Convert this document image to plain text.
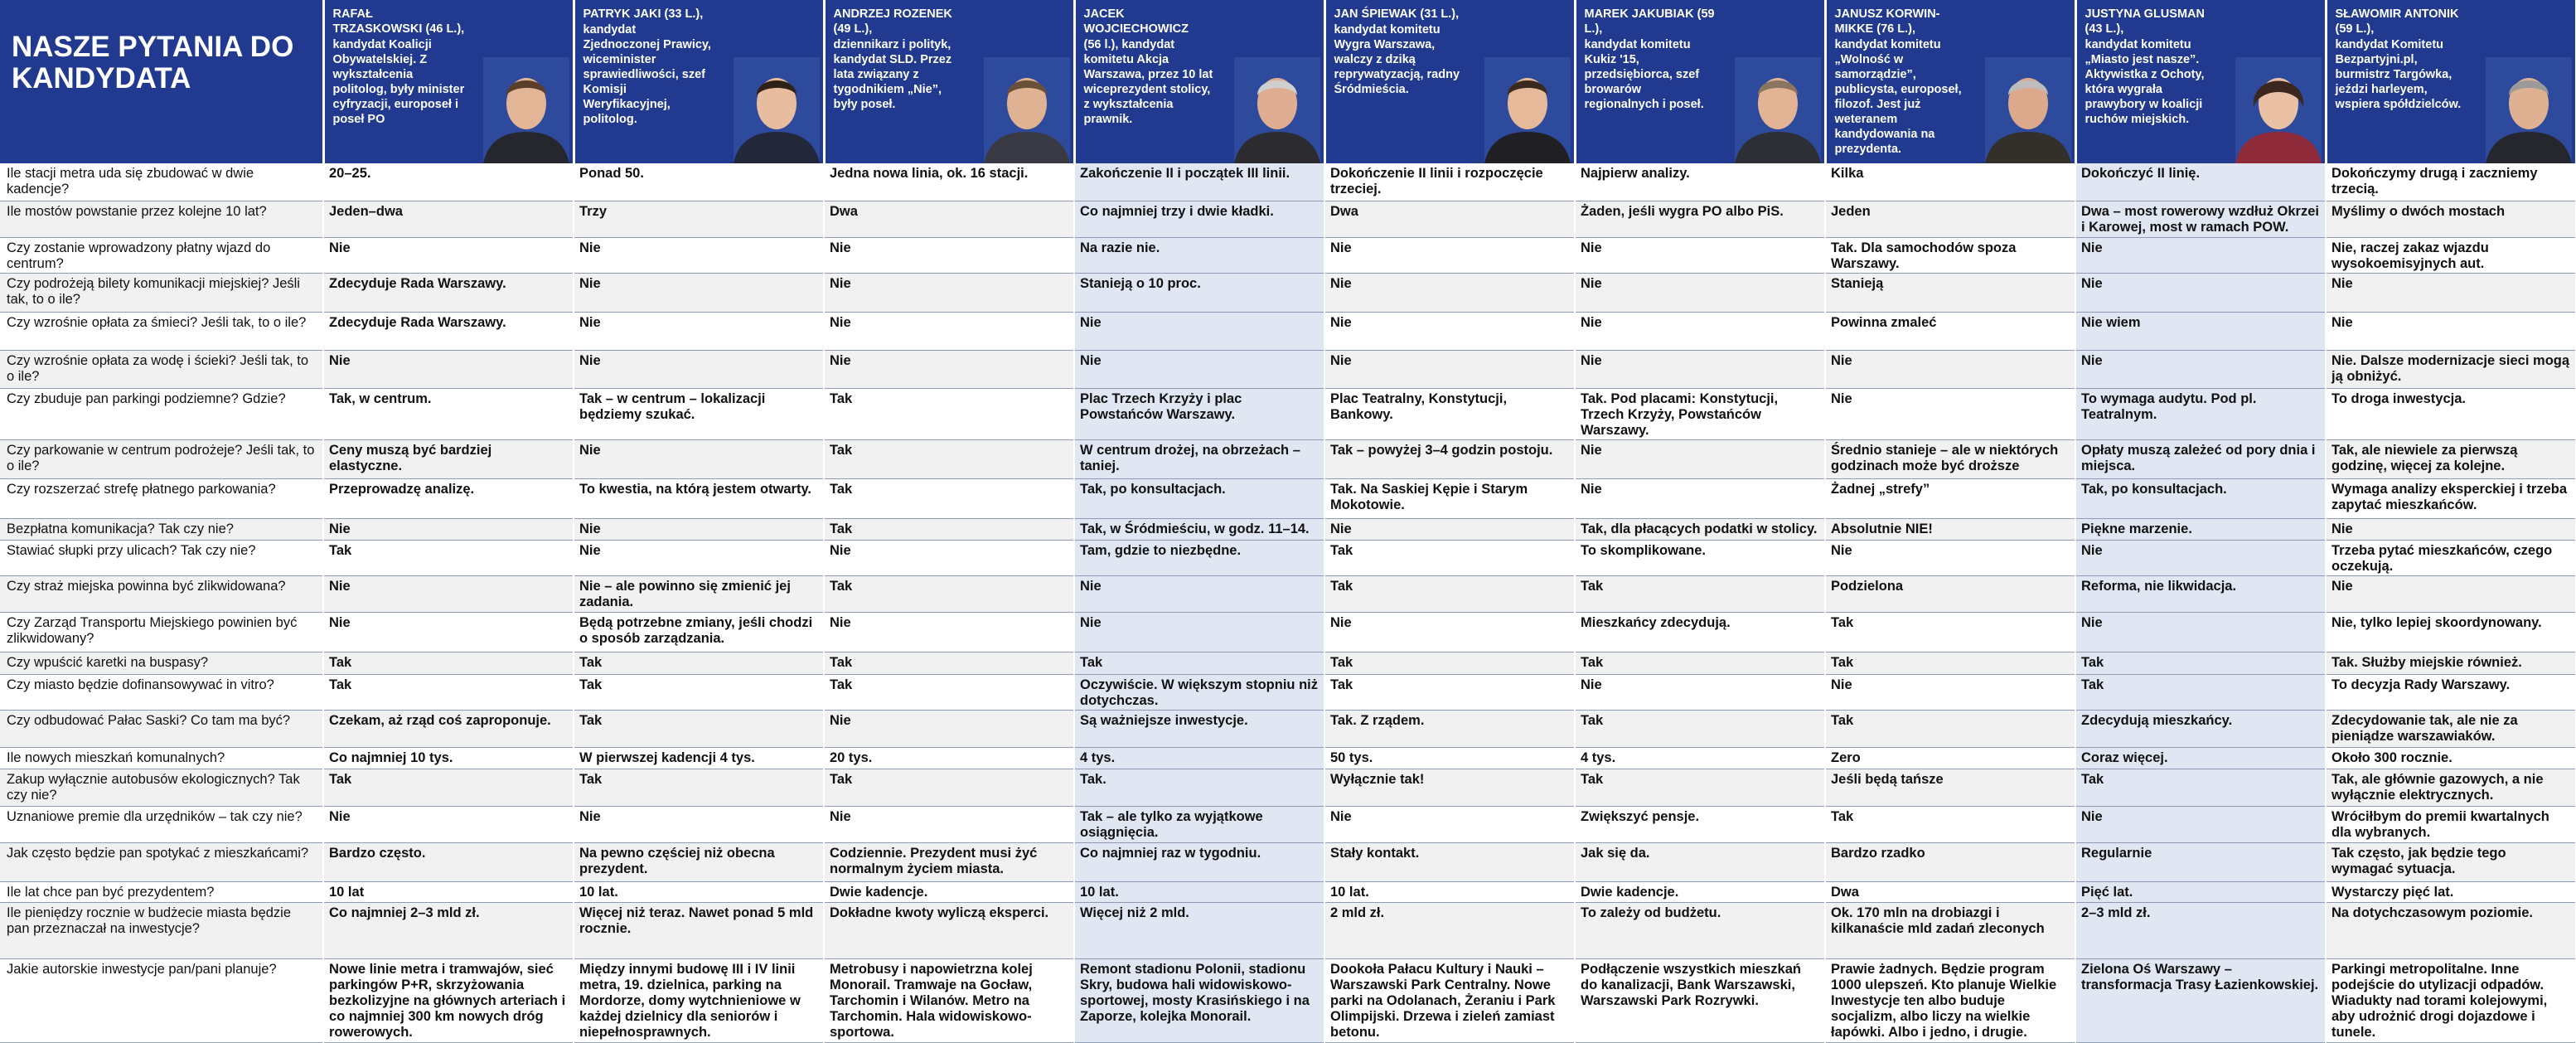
NASZE PYTANIA DO KANDYDATA	RAFAŁ TRZASKOWSKI (46 L.),
kandydat Koalicji Obywatelskiej. Z wykształcenia politolog, były minister cyfryzacji, europoseł i poseł PO	PATRYK JAKI (33 L.),
kandydat Zjednoczonej Prawicy, wiceminister sprawiedliwości, szef Komisji Weryfikacyjnej, politolog.	ANDRZEJ ROZENEK (49 L.),
dziennikarz i polityk, kandydat SLD. Przez lata związany z tygodnikiem „Nie”, były poseł.	JACEK WOJCIECHOWICZ
(56 l.), kandydat komitetu Akcja Warszawa, przez 10 lat wiceprezydent stolicy, z wykształcenia prawnik.	JAN ŚPIEWAK (31 L.),
kandydat komitetu Wygra Warszawa, walczy z dziką reprywatyzacją, radny Śródmieścia.	MAREK JAKUBIAK (59 L.),
kandydat komitetu Kukiz '15, przedsiębiorca, szef browarów regionalnych i poseł.	JANUSZ KORWIN-MIKKE (76 L.),
kandydat komitetu „Wolność w samorządzie”, publicysta, europoseł, filozof. Jest już weteranem kandydowania na prezydenta.	JUSTYNA GLUSMAN (43 L.),
kandydat komitetu „Miasto jest nasze”. Aktywistka z Ochoty, która wygrała prawybory w koalicji ruchów miejskich.	SŁAWOMIR ANTONIK (59 L.),
kandydat Komitetu Bezpartyjni.pl, burmistrz Targówka, jeździ harleyem, wspiera spółdzielców.

Ile stacji metra uda się zbudować w dwie kadencje?	20–25.	Ponad 50.	Jedna nowa linia, ok. 16 stacji.	Zakończenie II i początek III linii.	Dokończenie II linii i rozpoczęcie trzeciej.	Najpierw analizy.	Kilka	Dokończyć II linię.	Dokończymy drugą i zaczniemy trzecią.
Ile mostów powstanie przez kolejne 10 lat?	Jeden–dwa	Trzy	Dwa	Co najmniej trzy i dwie kładki.	Dwa	Żaden, jeśli wygra PO albo PiS.	Jeden	Dwa – most rowerowy wzdłuż Okrzei i Karowej, most w ramach POW.	Myślimy o dwóch mostach
Czy zostanie wprowadzony płatny wjazd do centrum?	Nie	Nie	Nie	Na razie nie.	Nie	Nie	Tak. Dla samochodów spoza Warszawy.	Nie	Nie, raczej zakaz wjazdu wysokoemisyjnych aut.
Czy podrożeją bilety komunikacji miejskiej? Jeśli tak, to o ile?	Zdecyduje Rada Warszawy.	Nie	Nie	Stanieją o 10 proc.	Nie	Nie	Stanieją	Nie	Nie
Czy wzrośnie opłata za śmieci? Jeśli tak, to o ile?	Zdecyduje Rada Warszawy.	Nie	Nie	Nie	Nie	Nie	Powinna zmaleć	Nie wiem	Nie
Czy wzrośnie opłata za wodę i ścieki? Jeśli tak, to o ile?	Nie	Nie	Nie	Nie	Nie	Nie	Nie	Nie	Nie. Dalsze modernizacje sieci mogą ją obniżyć.
Czy zbuduje pan parkingi podziemne? Gdzie?	Tak, w centrum.	Tak – w centrum – lokalizacji będziemy szukać.	Tak	Plac Trzech Krzyży i plac Powstańców Warszawy.	Plac Teatralny, Konstytucji, Bankowy.	Tak. Pod placami: Konstytucji, Trzech Krzyży, Powstańców Warszawy.	Nie	To wymaga audytu. Pod pl. Teatralnym.	To droga inwestycja.
Czy parkowanie w centrum podrożeje? Jeśli tak, to o ile?	Ceny muszą być bardziej elastyczne.	Nie	Tak	W centrum drożej, na obrzeżach – taniej.	Tak – powyżej 3–4 godzin postoju.	Nie	Średnio stanieje – ale w niektórych godzinach może być droższe	Opłaty muszą zależeć od pory dnia i miejsca.	Tak, ale niewiele za pierwszą godzinę, więcej za kolejne.
Czy rozszerzać strefę płatnego parkowania?	Przeprowadzę analizę.	To kwestia, na którą jestem otwarty.	Tak	Tak, po konsultacjach.	Tak. Na Saskiej Kępie i Starym Mokotowie.	Nie	Żadnej „strefy”	Tak, po konsultacjach.	Wymaga analizy eksperckiej i trzeba zapytać mieszkańców.
Bezpłatna komunikacja? Tak czy nie?	Nie	Nie	Tak	Tak, w Śródmieściu, w godz. 11–14.	Nie	Tak, dla płacących podatki w stolicy.	Absolutnie NIE!	Piękne marzenie.	Nie
Stawiać słupki przy ulicach? Tak czy nie?	Tak	Nie	Nie	Tam, gdzie to niezbędne.	Tak	To skomplikowane.	Nie	Nie	Trzeba pytać mieszkańców, czego oczekują.
Czy straż miejska powinna być zlikwidowana?	Nie	Nie – ale powinno się zmienić jej zadania.	Tak	Nie	Tak	Tak	Podzielona	Reforma, nie likwidacja.	Nie
Czy Zarząd Transportu Miejskiego powinien być zlikwidowany?	Nie	Będą potrzebne zmiany, jeśli chodzi o sposób zarządzania.	Nie	Nie	Nie	Mieszkańcy zdecydują.	Tak	Nie	Nie, tylko lepiej skoordynowany.
Czy wpuścić karetki na buspasy?	Tak	Tak	Tak	Tak	Tak	Tak	Tak	Tak	Tak. Służby miejskie również.
Czy miasto będzie dofinansowywać in vitro?	Tak	Tak	Tak	Oczywiście. W większym stopniu niż dotychczas.	Tak	Nie	Nie	Tak	To decyzja Rady Warszawy.
Czy odbudować Pałac Saski? Co tam ma być?	Czekam, aż rząd coś zaproponuje.	Tak	Nie	Są ważniejsze inwestycje.	Tak. Z rządem.	Tak	Tak	Zdecydują mieszkańcy.	Zdecydowanie tak, ale nie za pieniądze warszawiaków.
Ile nowych mieszkań komunalnych?	Co najmniej 10 tys.	W pierwszej kadencji 4 tys.	20 tys.	4 tys.	50 tys.	4 tys.	Zero	Coraz więcej.	Około 300 rocznie.
Zakup wyłącznie autobusów ekologicznych? Tak czy nie?	Tak	Tak	Tak	Tak.	Wyłącznie tak!	Tak	Jeśli będą tańsze	Tak	Tak, ale głównie gazowych, a nie wyłącznie elektrycznych.
Uznaniowe premie dla urzędników – tak czy nie?	Nie	Nie	Nie	Tak – ale tylko za wyjątkowe osiągnięcia.	Nie	Zwiększyć pensje.	Tak	Nie	Wróciłbym do premii kwartalnych dla wybranych.
Jak często będzie pan spotykać z mieszkańcami?	Bardzo często.	Na pewno częściej niż obecna prezydent.	Codziennie. Prezydent musi żyć normalnym życiem miasta.	Co najmniej raz w tygodniu.	Stały kontakt.	Jak się da.	Bardzo rzadko	Regularnie	Tak często, jak będzie tego wymagać sytuacja.
Ile lat chce pan być prezydentem?	10 lat	10 lat.	Dwie kadencje.	10 lat.	10 lat.	Dwie kadencje.	Dwa	Pięć lat.	Wystarczy pięć lat.
Ile pieniędzy rocznie w budżecie miasta będzie pan przeznaczał na inwestycje?	Co najmniej 2–3 mld zł.	Więcej niż teraz. Nawet ponad 5 mld rocznie.	Dokładne kwoty wyliczą eksperci.	Więcej niż 2 mld.	2 mld zł.	To zależy od budżetu.	Ok. 170 mln na drobiazgi i kilkanaście mld zadań zleconych	2–3 mld zł.	Na dotychczasowym poziomie.
Jakie autorskie inwestycje pan/pani planuje?	Nowe linie metra i tramwajów, sieć parkingów P+R, skrzyżowania bezkolizyjne na głównych arteriach i co najmniej 300 km nowych dróg rowerowych.	Między innymi budowę III i IV linii metra, 19. dzielnica, parking na Mordorze, domy wytchnieniowe w każdej dzielnicy dla seniorów i niepełnosprawnych.	Metrobusy i napowietrzna kolej Monorail. Tramwaje na Gocław, Tarchomin i Wilanów. Metro na Tarchomin. Hala widowiskowo-sportowa.	Remont stadionu Polonii, stadionu Skry, budowa hali widowiskowo-sportowej, mosty Krasińskiego i na Zaporze, kolejka Monorail.	Dookoła Pałacu Kultury i Nauki – Warszawski Park Centralny. Nowe parki na Odolanach, Żeraniu i Park Olimpijski. Drzewa i zieleń zamiast betonu.	Podłączenie wszystkich mieszkań do kanalizacji, Bank Warszawski, Warszawski Park Rozrywki.	Prawie żadnych. Będzie program 1000 ulepszeń. Kto planuje Wielkie Inwestycje ten albo buduje socjalizm, albo liczy na wielkie łapówki. Albo i jedno, i drugie.	Zielona Oś Warszawy – transformacja Trasy Łazienkowskiej.	Parkingi metropolitalne. Inne podejście do utylizacji odpadów. Wiadukty nad torami kolejowymi, aby udrożnić drogi dojazdowe i tunele.
